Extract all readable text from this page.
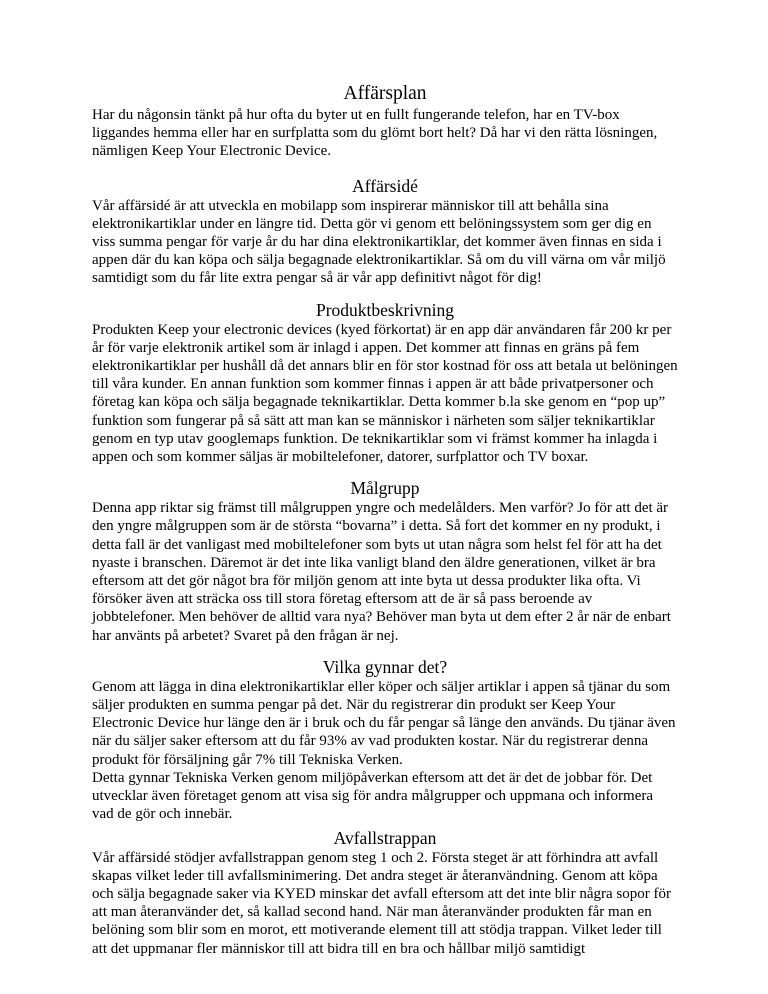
Affärsplan

Har du någonsin tänkt på hur ofta du byter ut en fullt fungerande telefon, har en TV-box liggandes hemma eller har en surfplatta som du glömt bort helt? Då har vi den rätta lösningen, nämligen Keep Your Electronic Device.

Affärsidé

Vår affärsidé är att utveckla en mobilapp som inspirerar människor till att behålla sina elektronikartiklar under en längre tid. Detta gör vi genom ett belöningssystem som ger dig en viss summa pengar för varje år du har dina elektronikartiklar, det kommer även finnas en sida i appen där du kan köpa och sälja begagnade elektronikartiklar. Så om du vill värna om vår miljö samtidigt som du får lite extra pengar så är vår app definitivt något för dig!

Produktbeskrivning

Produkten Keep your electronic devices (kyed förkortat) är en app där användaren får 200 kr per år för varje elektronik artikel som är inlagd i appen. Det kommer att finnas en gräns på fem elektronikartiklar per hushåll då det annars blir en för stor kostnad för oss att betala ut belöningen till våra kunder. En annan funktion som kommer finnas i appen är att både privatpersoner och företag kan köpa och sälja begagnade teknikartiklar. Detta kommer b.la ske genom en “pop up” funktion som fungerar på så sätt att man kan se människor i närheten som säljer teknikartiklar genom en typ utav googlemaps funktion. De teknikartiklar som vi främst kommer ha inlagda i appen och som kommer säljas är mobiltelefoner, datorer, surfplattor och TV boxar.

Målgrupp

Denna app riktar sig främst till målgruppen yngre och medelålders. Men varför? Jo för att det är den yngre målgruppen som är de största “bovarna” i detta. Så fort det kommer en ny produkt, i detta fall är det vanligast med mobiltelefoner som byts ut utan några som helst fel för att ha det nyaste i branschen. Däremot är det inte lika vanligt bland den äldre generationen, vilket är bra eftersom att det gör något bra för miljön genom att inte byta ut dessa produkter lika ofta. Vi försöker även att sträcka oss till stora företag eftersom att de är så pass beroende av jobbtelefoner. Men behöver de alltid vara nya? Behöver man byta ut dem efter 2 år när de enbart har använts på arbetet? Svaret på den frågan är nej.

Vilka gynnar det?

Genom att lägga in dina elektronikartiklar eller köper och säljer artiklar i appen så tjänar du som säljer produkten en summa pengar på det. När du registrerar din produkt ser Keep Your Electronic Device hur länge den är i bruk och du får pengar så länge den används. Du tjänar även när du säljer saker eftersom att du får 93% av vad produkten kostar. När du registrerar denna produkt för försäljning går 7% till Tekniska Verken.

Detta gynnar Tekniska Verken genom miljöpåverkan eftersom att det är det de jobbar för. Det utvecklar även företaget genom att visa sig för andra målgrupper och uppmana och informera vad de gör och innebär.

Avfallstrappan

Vår affärsidé stödjer avfallstrappan genom steg 1 och 2. Första steget är att förhindra att avfall skapas vilket leder till avfallsminimering. Det andra steget är återanvändning. Genom att köpa och sälja begagnade saker via KYED minskar det avfall eftersom att det inte blir några sopor för att man återanvänder det, så kallad second hand. När man återanvänder produkten får man en belöning som blir som en morot, ett motiverande element till att stödja trappan. Vilket leder till att det uppmanar fler människor till att bidra till en bra och hållbar miljö samtidigt
